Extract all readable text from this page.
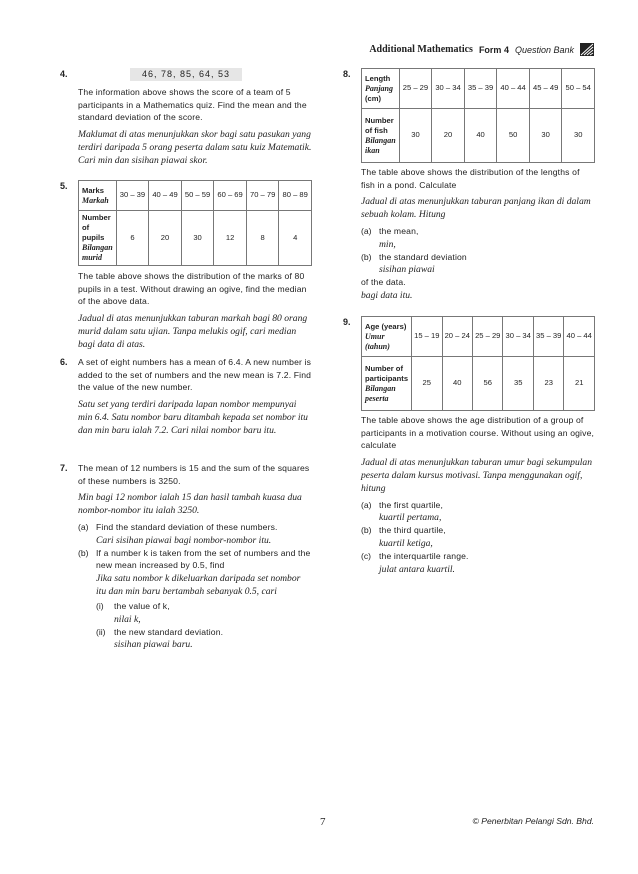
Additional Mathematics Form 4 Question Bank
4.	46, 78, 85, 64, 53

The information above shows the score of a team of 5 participants in a Mathematics quiz. Find the mean and the standard deviation of the score.

Maklumat di atas menunjukkan skor bagi satu pasukan yang terdiri daripada 5 orang peserta dalam satu kuiz Matematik. Cari min dan sisihan piawai skor.

5. Marks
Markah	30 – 39	40 – 49	50 – 59	60 – 69	70 – 79	80 – 89
Number of pupils
Bilangan murid	6	20	30	12	8	4

The table above shows the distribution of the marks of 80 pupils in a test. Without drawing an ogive, find the median of the above data.

Jadual di atas menunjukkan taburan markah bagi 80 orang murid dalam satu ujian. Tanpa melukis ogif, cari median bagi data di atas.

6. A set of eight numbers has a mean of 6.4. A new number is added to the set of numbers and the new mean is 7.2. Find the value of the new number.

Satu set yang terdiri daripada lapan nombor mempunyai min 6.4. Satu nombor baru ditambah kepada set nombor itu dan min baru ialah 7.2. Cari nilai nombor baru itu.

7. The mean of 12 numbers is 15 and the sum of the squares of these numbers is 3250.

Min bagi 12 nombor ialah 15 dan hasil tambah kuasa dua nombor-nombor itu ialah 3250.

(a) Find the standard deviation of these numbers.
Cari sisihan piawai bagi nombor-nombor itu.
(b) If a number k is taken from the set of numbers and the new mean increased by 0.5, find
Jika satu nombor k dikeluarkan daripada set nombor itu dan min baru bertambah sebanyak 0.5, cari
(i)	the value of k,
nilai k,
(ii) the new standard deviation.
sisihan piawai baru.
8. Length
Panjang
(cm)	25 – 29	30 – 34	35 – 39	40 – 44	45 – 49	50 – 54
Number of fish
Bilangan ikan	30	20	40	50	30	30

The table above shows the distribution of the lengths of fish in a pond. Calculate

Jadual di atas menunjukkan taburan panjang ikan di dalam sebuah kolam. Hitung

(a) the mean,
min,
(b) the standard deviation
sisihan piawai
of the data.
bagi data itu.
9. Age (years)
Umur
(tahun)	15 – 19	20 – 24	25 – 29	30 – 34	35 – 39	40 – 44
Number of participants
Bilangan peserta	25	40	56	35	23	21

The table above shows the age distribution of a group of participants in a motivation course. Without using an ogive, calculate

Jadual di atas menunjukkan taburan umur bagi sekumpulan peserta dalam kursus motivasi. Tanpa menggunakan ogif, hitung

(a) the first quartile,
kuartil pertama,
(b) the third quartile,
kuartil ketiga,
(c) the interquartile range.
julat antara kuartil.
7	© Penerbitan Pelangi Sdn. Bhd.
